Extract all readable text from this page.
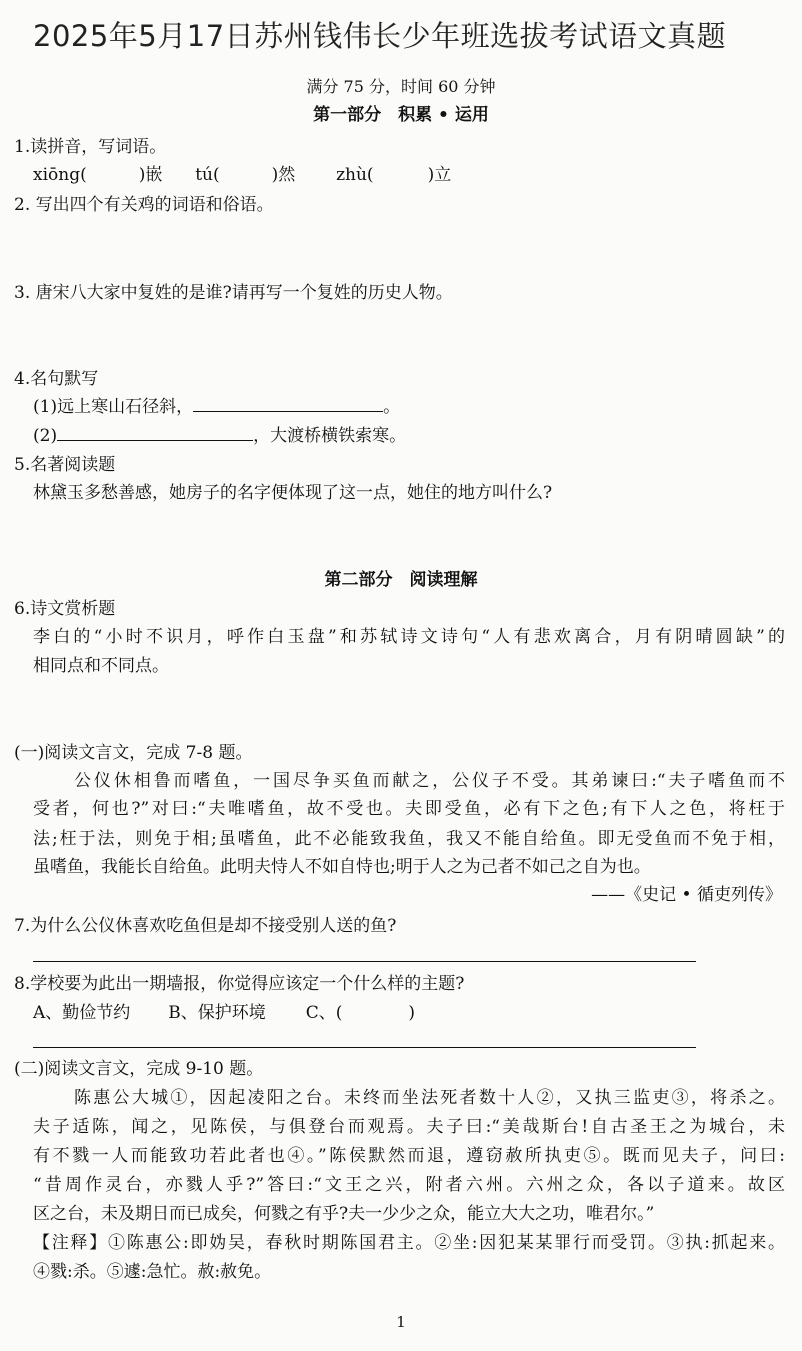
2025年5月17日苏州钱伟长少年班选拔考试语文真题
满分 75 分，时间 60 分钟
第一部分　积累 • 运用
1.读拼音，写词语。
xiōng(	)嵌 tú(	)然 zhù(	)立
2. 写出四个有关鸡的词语和俗语。
3. 唐宋八大家中复姓的是谁?请再写一个复姓的历史人物。
4.名句默写
(1)远上寒山石径斜，	。
(2)	，大渡桥横铁索寒。
5.名著阅读题
林黛玉多愁善感，她房子的名字便体现了这一点，她住的地方叫什么?
第二部分　阅读理解
6.诗文赏析题
李白的“小时不识月，呼作白玉盘”和苏轼诗文诗句“人有悲欢离合，月有阴晴圆缺”的
相同点和不同点。
(一)阅读文言文，完成 7-8 题。
公仪休相鲁而嗜鱼，一国尽争买鱼而献之，公仪子不受。其弟谏曰:“夫子嗜鱼而不
受者，何也?”对曰:“夫唯嗜鱼，故不受也。夫即受鱼，必有下之色;有下人之色，将枉于
法;枉于法，则免于相;虽嗜鱼，此不必能致我鱼，我又不能自给鱼。即无受鱼而不免于相，
虽嗜鱼，我能长自给鱼。此明夫恃人不如自恃也;明于人之为己者不如己之自为也。
——《史记 • 循吏列传》
7.为什么公仪休喜欢吃鱼但是却不接受别人送的鱼?
8.学校要为此出一期墙报，你觉得应该定一个什么样的主题?
A、勤俭节约 B、保护环境 C、(	)
(二)阅读文言文，完成 9-10 题。
陈惠公大城①，因起凌阳之台。未终而坐法死者数十人②，又执三监吏③，将杀之。
夫子适陈，闻之，见陈侯，与俱登台而观焉。夫子曰:“美哉斯台!自古圣王之为城台，未
有不戮一人而能致功若此者也④。”陈侯默然而退，遵窃赦所执吏⑤。既而见夫子，问曰:
“昔周作灵台，亦戮人乎?”答曰:“文王之兴，附者六州。六州之众，各以子道来。故区
区之台，未及期日而已成矣，何戮之有乎?夫一少少之众，能立大大之功，唯君尔。”
【注释】①陈惠公:即妫吴，春秋时期陈国君主。②坐:因犯某某罪行而受罚。③执:抓起来。
④戮:杀。⑤遽:急忙。赦:赦免。
1
